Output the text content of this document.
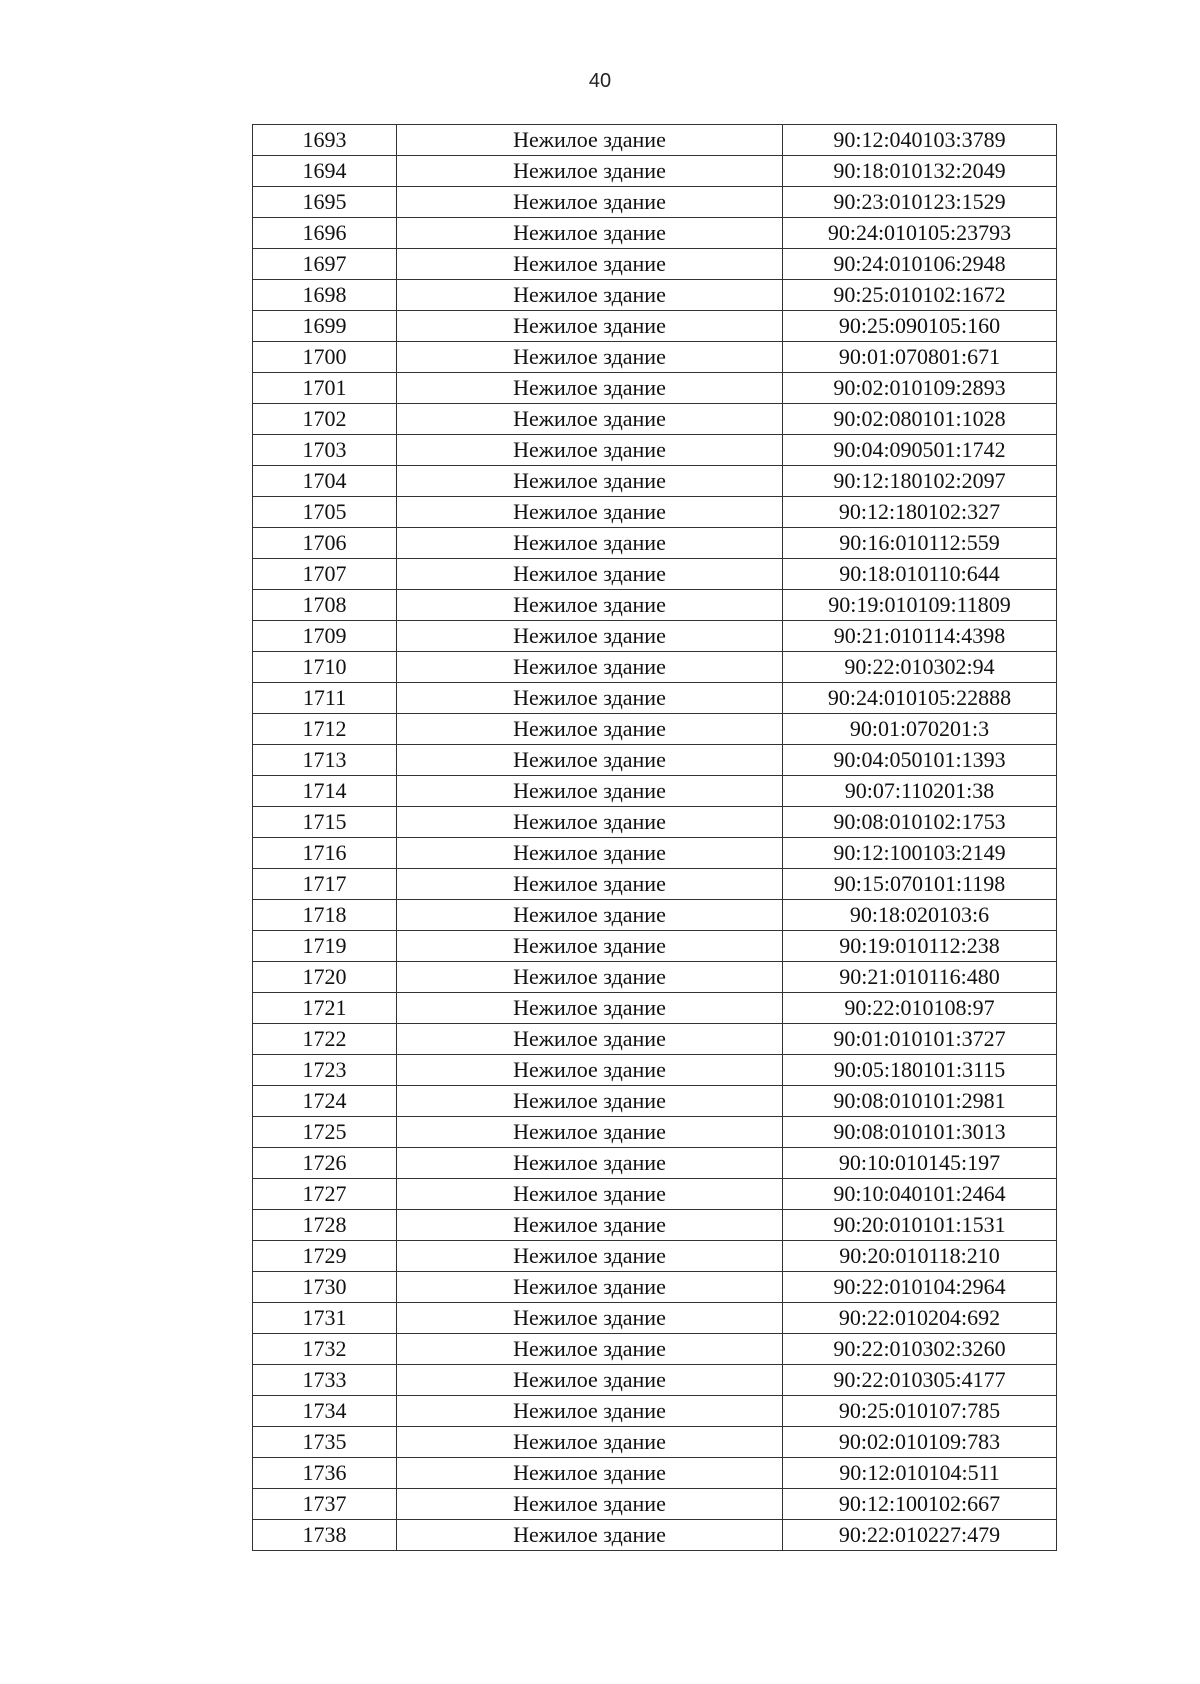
40
1693	Нежилое здание	90:12:040103:3789
1694	Нежилое здание	90:18:010132:2049
1695	Нежилое здание	90:23:010123:1529
1696	Нежилое здание	90:24:010105:23793
1697	Нежилое здание	90:24:010106:2948
1698	Нежилое здание	90:25:010102:1672
1699	Нежилое здание	90:25:090105:160
1700	Нежилое здание	90:01:070801:671
1701	Нежилое здание	90:02:010109:2893
1702	Нежилое здание	90:02:080101:1028
1703	Нежилое здание	90:04:090501:1742
1704	Нежилое здание	90:12:180102:2097
1705	Нежилое здание	90:12:180102:327
1706	Нежилое здание	90:16:010112:559
1707	Нежилое здание	90:18:010110:644
1708	Нежилое здание	90:19:010109:11809
1709	Нежилое здание	90:21:010114:4398
1710	Нежилое здание	90:22:010302:94
1711	Нежилое здание	90:24:010105:22888
1712	Нежилое здание	90:01:070201:3
1713	Нежилое здание	90:04:050101:1393
1714	Нежилое здание	90:07:110201:38
1715	Нежилое здание	90:08:010102:1753
1716	Нежилое здание	90:12:100103:2149
1717	Нежилое здание	90:15:070101:1198
1718	Нежилое здание	90:18:020103:6
1719	Нежилое здание	90:19:010112:238
1720	Нежилое здание	90:21:010116:480
1721	Нежилое здание	90:22:010108:97
1722	Нежилое здание	90:01:010101:3727
1723	Нежилое здание	90:05:180101:3115
1724	Нежилое здание	90:08:010101:2981
1725	Нежилое здание	90:08:010101:3013
1726	Нежилое здание	90:10:010145:197
1727	Нежилое здание	90:10:040101:2464
1728	Нежилое здание	90:20:010101:1531
1729	Нежилое здание	90:20:010118:210
1730	Нежилое здание	90:22:010104:2964
1731	Нежилое здание	90:22:010204:692
1732	Нежилое здание	90:22:010302:3260
1733	Нежилое здание	90:22:010305:4177
1734	Нежилое здание	90:25:010107:785
1735	Нежилое здание	90:02:010109:783
1736	Нежилое здание	90:12:010104:511
1737	Нежилое здание	90:12:100102:667
1738	Нежилое здание	90:22:010227:479
